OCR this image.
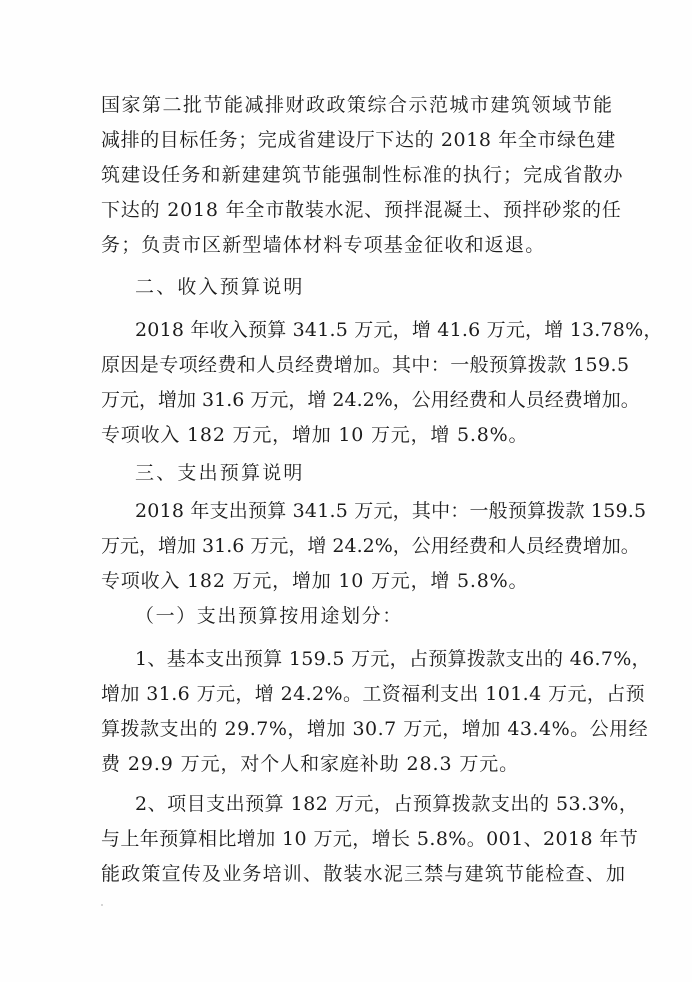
国家第二批节能减排财政政策综合示范城市建筑领域节能
减排的目标任务；完成省建设厅下达的 2018 年全市绿色建
筑建设任务和新建建筑节能强制性标准的执行；完成省散办
下达的 2018 年全市散装水泥、预拌混凝土、预拌砂浆的任
务；负责市区新型墙体材料专项基金征收和返退。
二、收入预算说明
2018 年收入预算 341.5 万元，增 41.6 万元，增 13.78%，
原因是专项经费和人员经费增加。其中：一般预算拨款 159.5
万元，增加 31.6 万元，增 24.2%，公用经费和人员经费增加。
专项收入 182 万元，增加 10 万元，增 5.8%。
三、支出预算说明
2018 年支出预算 341.5 万元，其中：一般预算拨款 159.5
万元，增加 31.6 万元，增 24.2%，公用经费和人员经费增加。
专项收入 182 万元，增加 10 万元，增 5.8%。
（一）支出预算按用途划分：
1、基本支出预算 159.5 万元，占预算拨款支出的 46.7%，
增加 31.6 万元，增 24.2%。工资福利支出 101.4 万元，占预
算拨款支出的 29.7%，增加 30.7 万元，增加 43.4%。公用经
费 29.9 万元，对个人和家庭补助 28.3 万元。
2、项目支出预算 182 万元，占预算拨款支出的 53.3%，
与上年预算相比增加 10 万元，增长 5.8%。001、2018 年节
能政策宣传及业务培训、散装水泥三禁与建筑节能检查、加
